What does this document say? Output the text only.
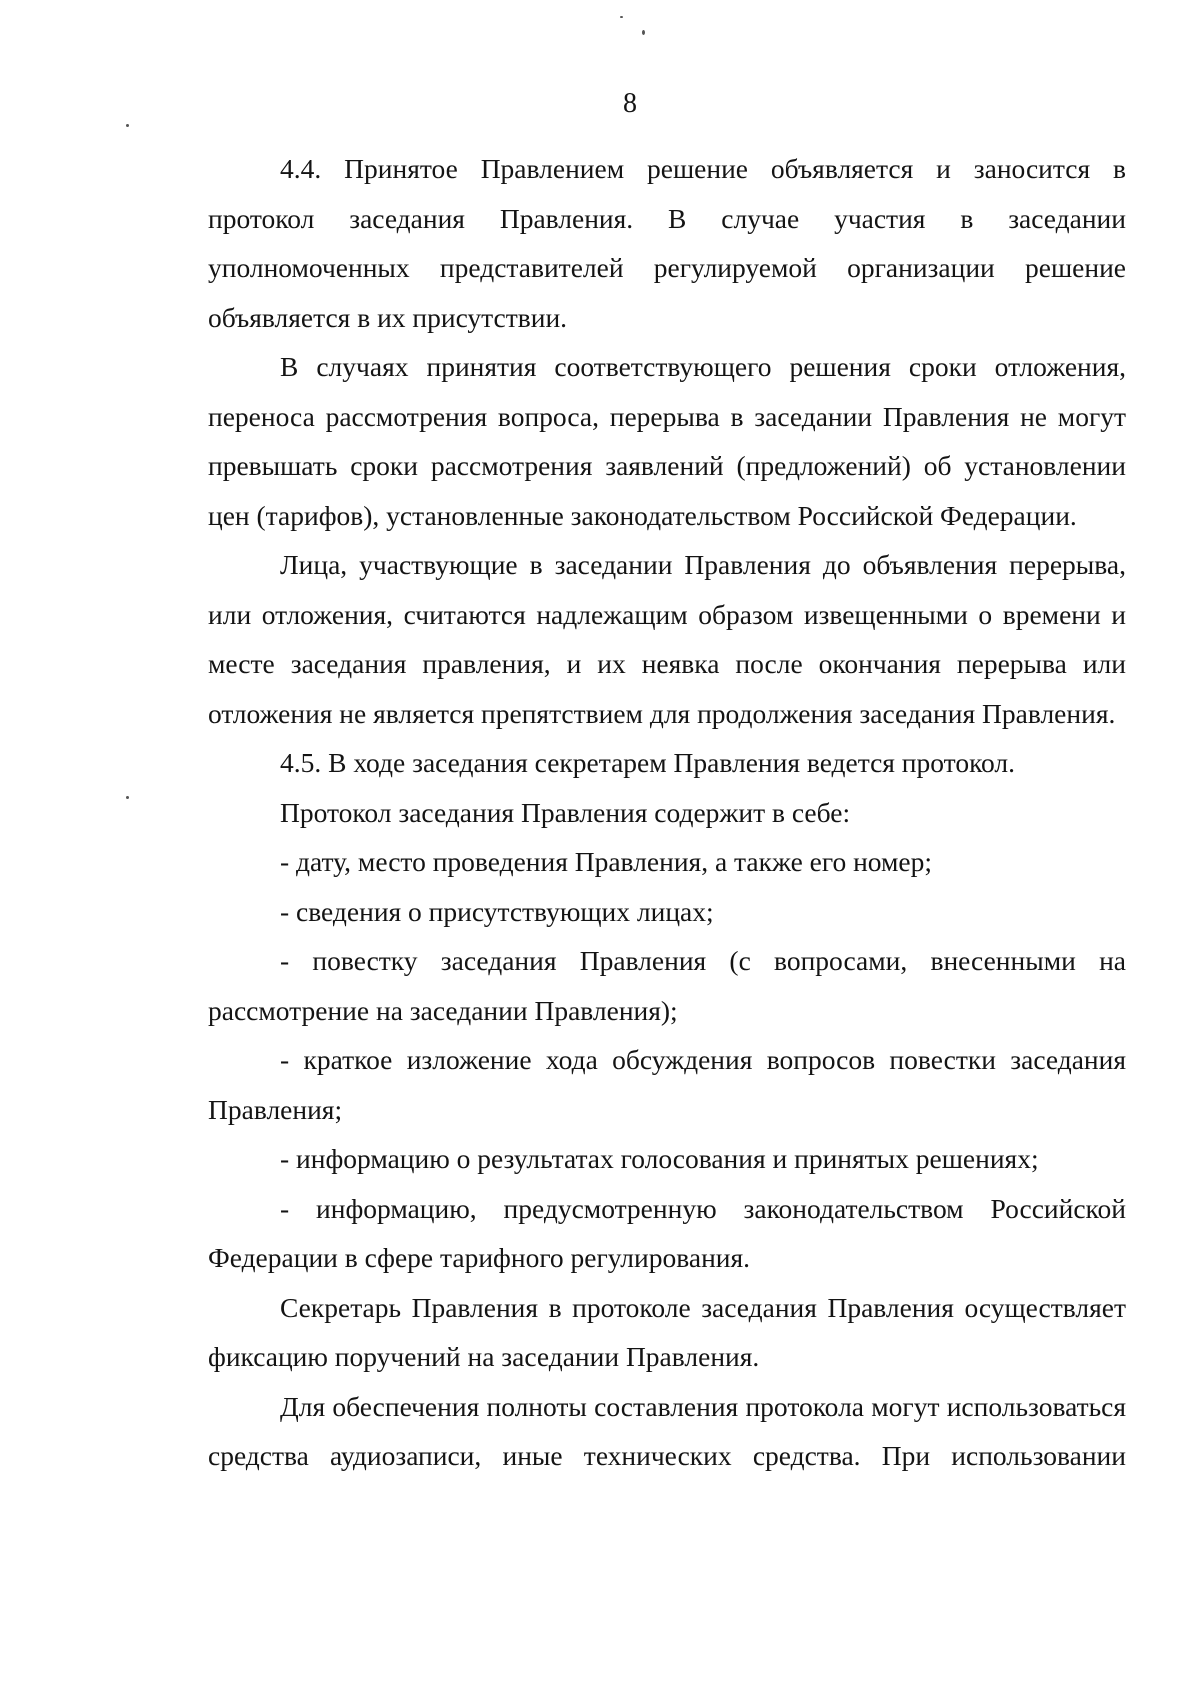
8

4.4. Принятое Правлением решение объявляется и заносится в протокол заседания Правления. В случае участия в заседании уполномоченных представителей регулируемой организации решение объявляется в их присутствии.

В случаях принятия соответствующего решения сроки отложения, переноса рассмотрения вопроса, перерыва в заседании Правления не могут превышать сроки рассмотрения заявлений (предложений) об установлении цен (тарифов), установленные законодательством Российской Федерации.

Лица, участвующие в заседании Правления до объявления перерыва, или отложения, считаются надлежащим образом извещенными о времени и месте заседания правления, и их неявка после окончания перерыва или отложения не является препятствием для продолжения заседания Правления.

4.5. В ходе заседания секретарем Правления ведется протокол.

Протокол заседания Правления содержит в себе:

- дату, место проведения Правления, а также его номер;

- сведения о присутствующих лицах;

- повестку заседания Правления (с вопросами, внесенными на рассмотрение на заседании Правления);

- краткое изложение хода обсуждения вопросов повестки заседания Правления;

- информацию о результатах голосования и принятых решениях;

- информацию, предусмотренную законодательством Российской Федерации в сфере тарифного регулирования.

Секретарь Правления в протоколе заседания Правления осуществляет фиксацию поручений на заседании Правления.

Для обеспечения полноты составления протокола могут использоваться средства аудиозаписи, иные технических средства. При использовании
